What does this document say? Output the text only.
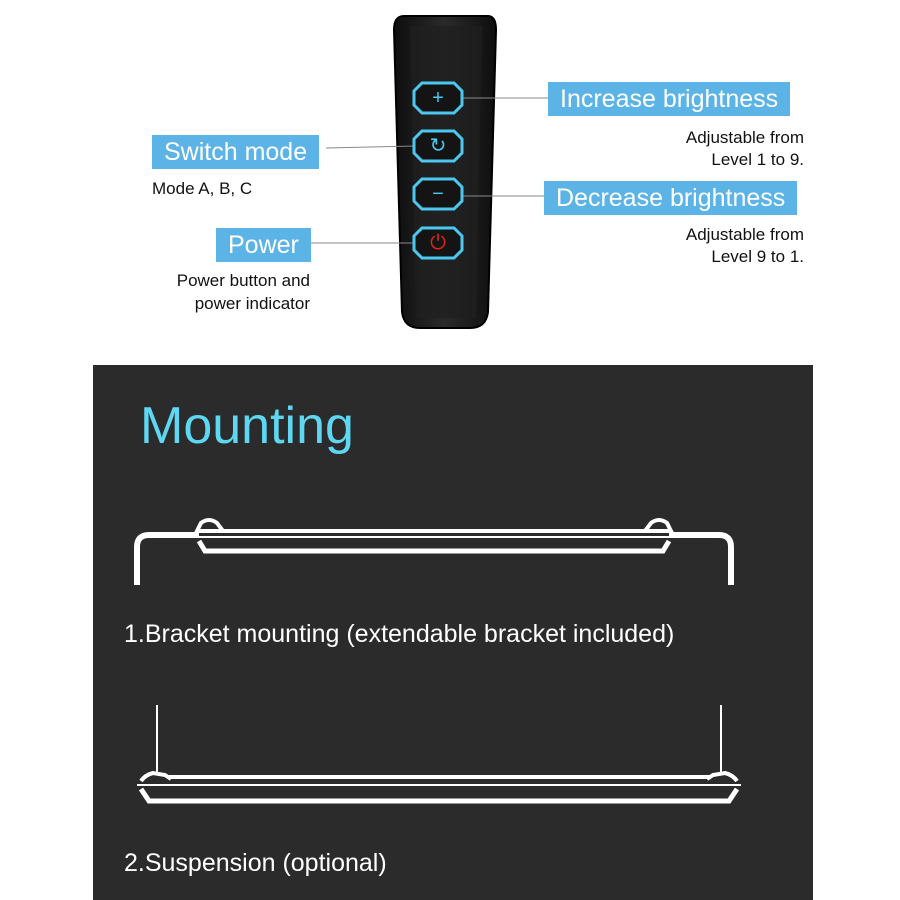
+
↻
−
⏻
Increase brightness
Adjustable from
Level 1 to 9.
Switch mode
Mode A, B, C	Decrease brightness
Adjustable from
Level 9 to 1.
Power
Power button and
power indicator
Mounting
1.Bracket mounting (extendable bracket included)
2.Suspension (optional)
